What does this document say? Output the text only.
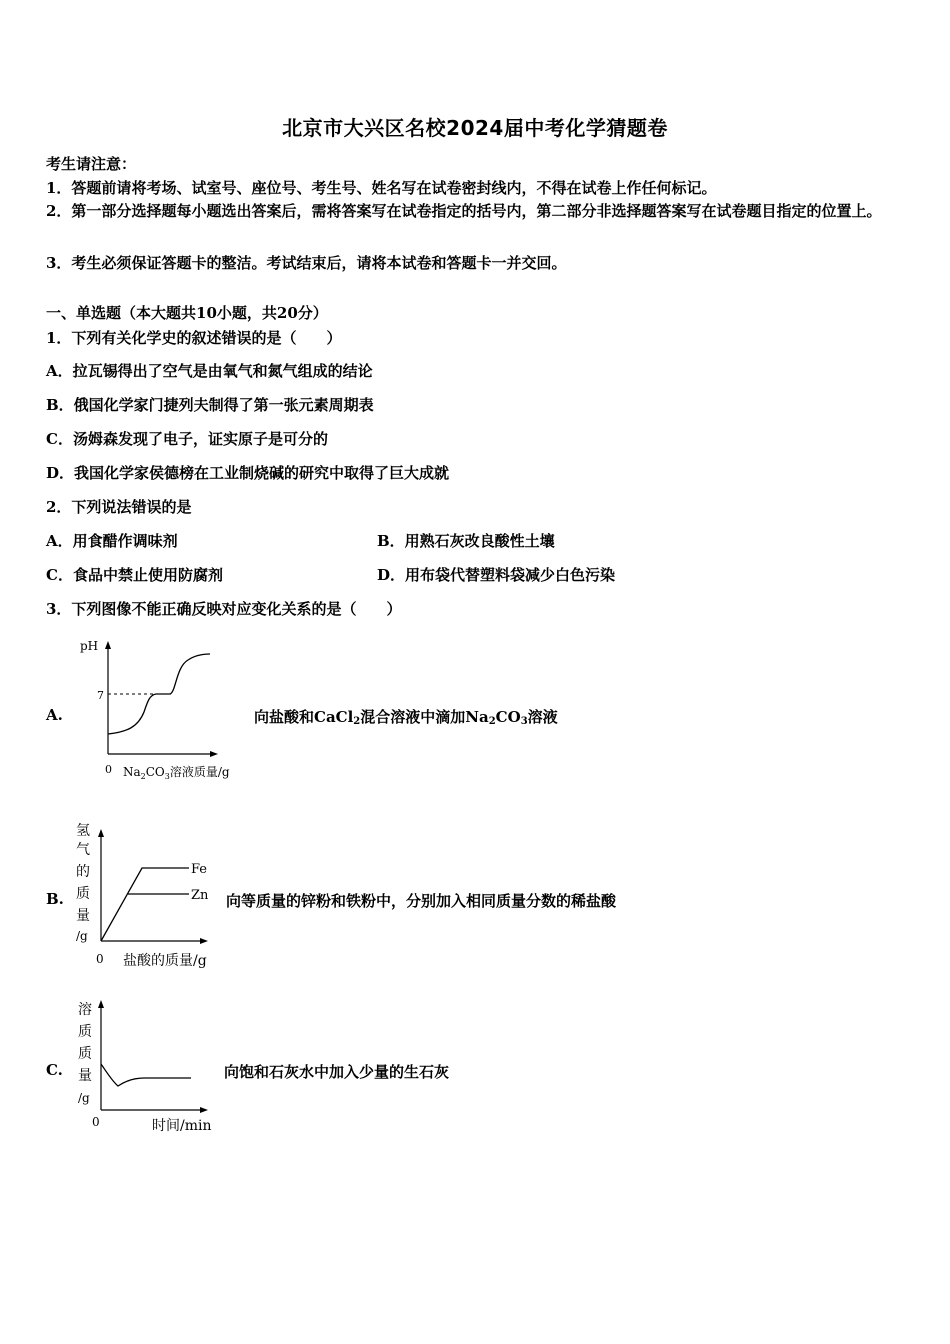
北京市大兴区名校2024届中考化学猜题卷
考生请注意：
1．答题前请将考场、试室号、座位号、考生号、姓名写在试卷密封线内，不得在试卷上作任何标记。
2．第一部分选择题每小题选出答案后，需将答案写在试卷指定的括号内，第二部分非选择题答案写在试卷题目指定的位置上。
3．考生必须保证答题卡的整洁。考试结束后，请将本试卷和答题卡一并交回。
一、单选题（本大题共10小题，共20分）
1．下列有关化学史的叙述错误的是（　　）
A．拉瓦锡得出了空气是由氧气和氮气组成的结论
B．俄国化学家门捷列夫制得了第一张元素周期表
C．汤姆森发现了电子，证实原子是可分的
D．我国化学家侯德榜在工业制烧碱的研究中取得了巨大成就
2．下列说法错误的是
A．用食醋作调味剂	B．用熟石灰改良酸性土壤
C．食品中禁止使用防腐剂	D．用布袋代替塑料袋减少白色污染
3．下列图像不能正确反映对应变化关系的是（　　）
A.
pH
7
0 $Na_2CO_3$溶液质量/g
向盐酸和CaCl$_2$混合溶液中滴加$Na_2CO_3$溶液
B.
氢
气
的
质
量
/g
Fe
Zn
0 盐酸的质量/g
向等质量的锌粉和铁粉中，分别加入相同质量分数的稀盐酸
C.
溶
质
质
量
/g
0	时间/min
向饱和石灰水中加入少量的生石灰
